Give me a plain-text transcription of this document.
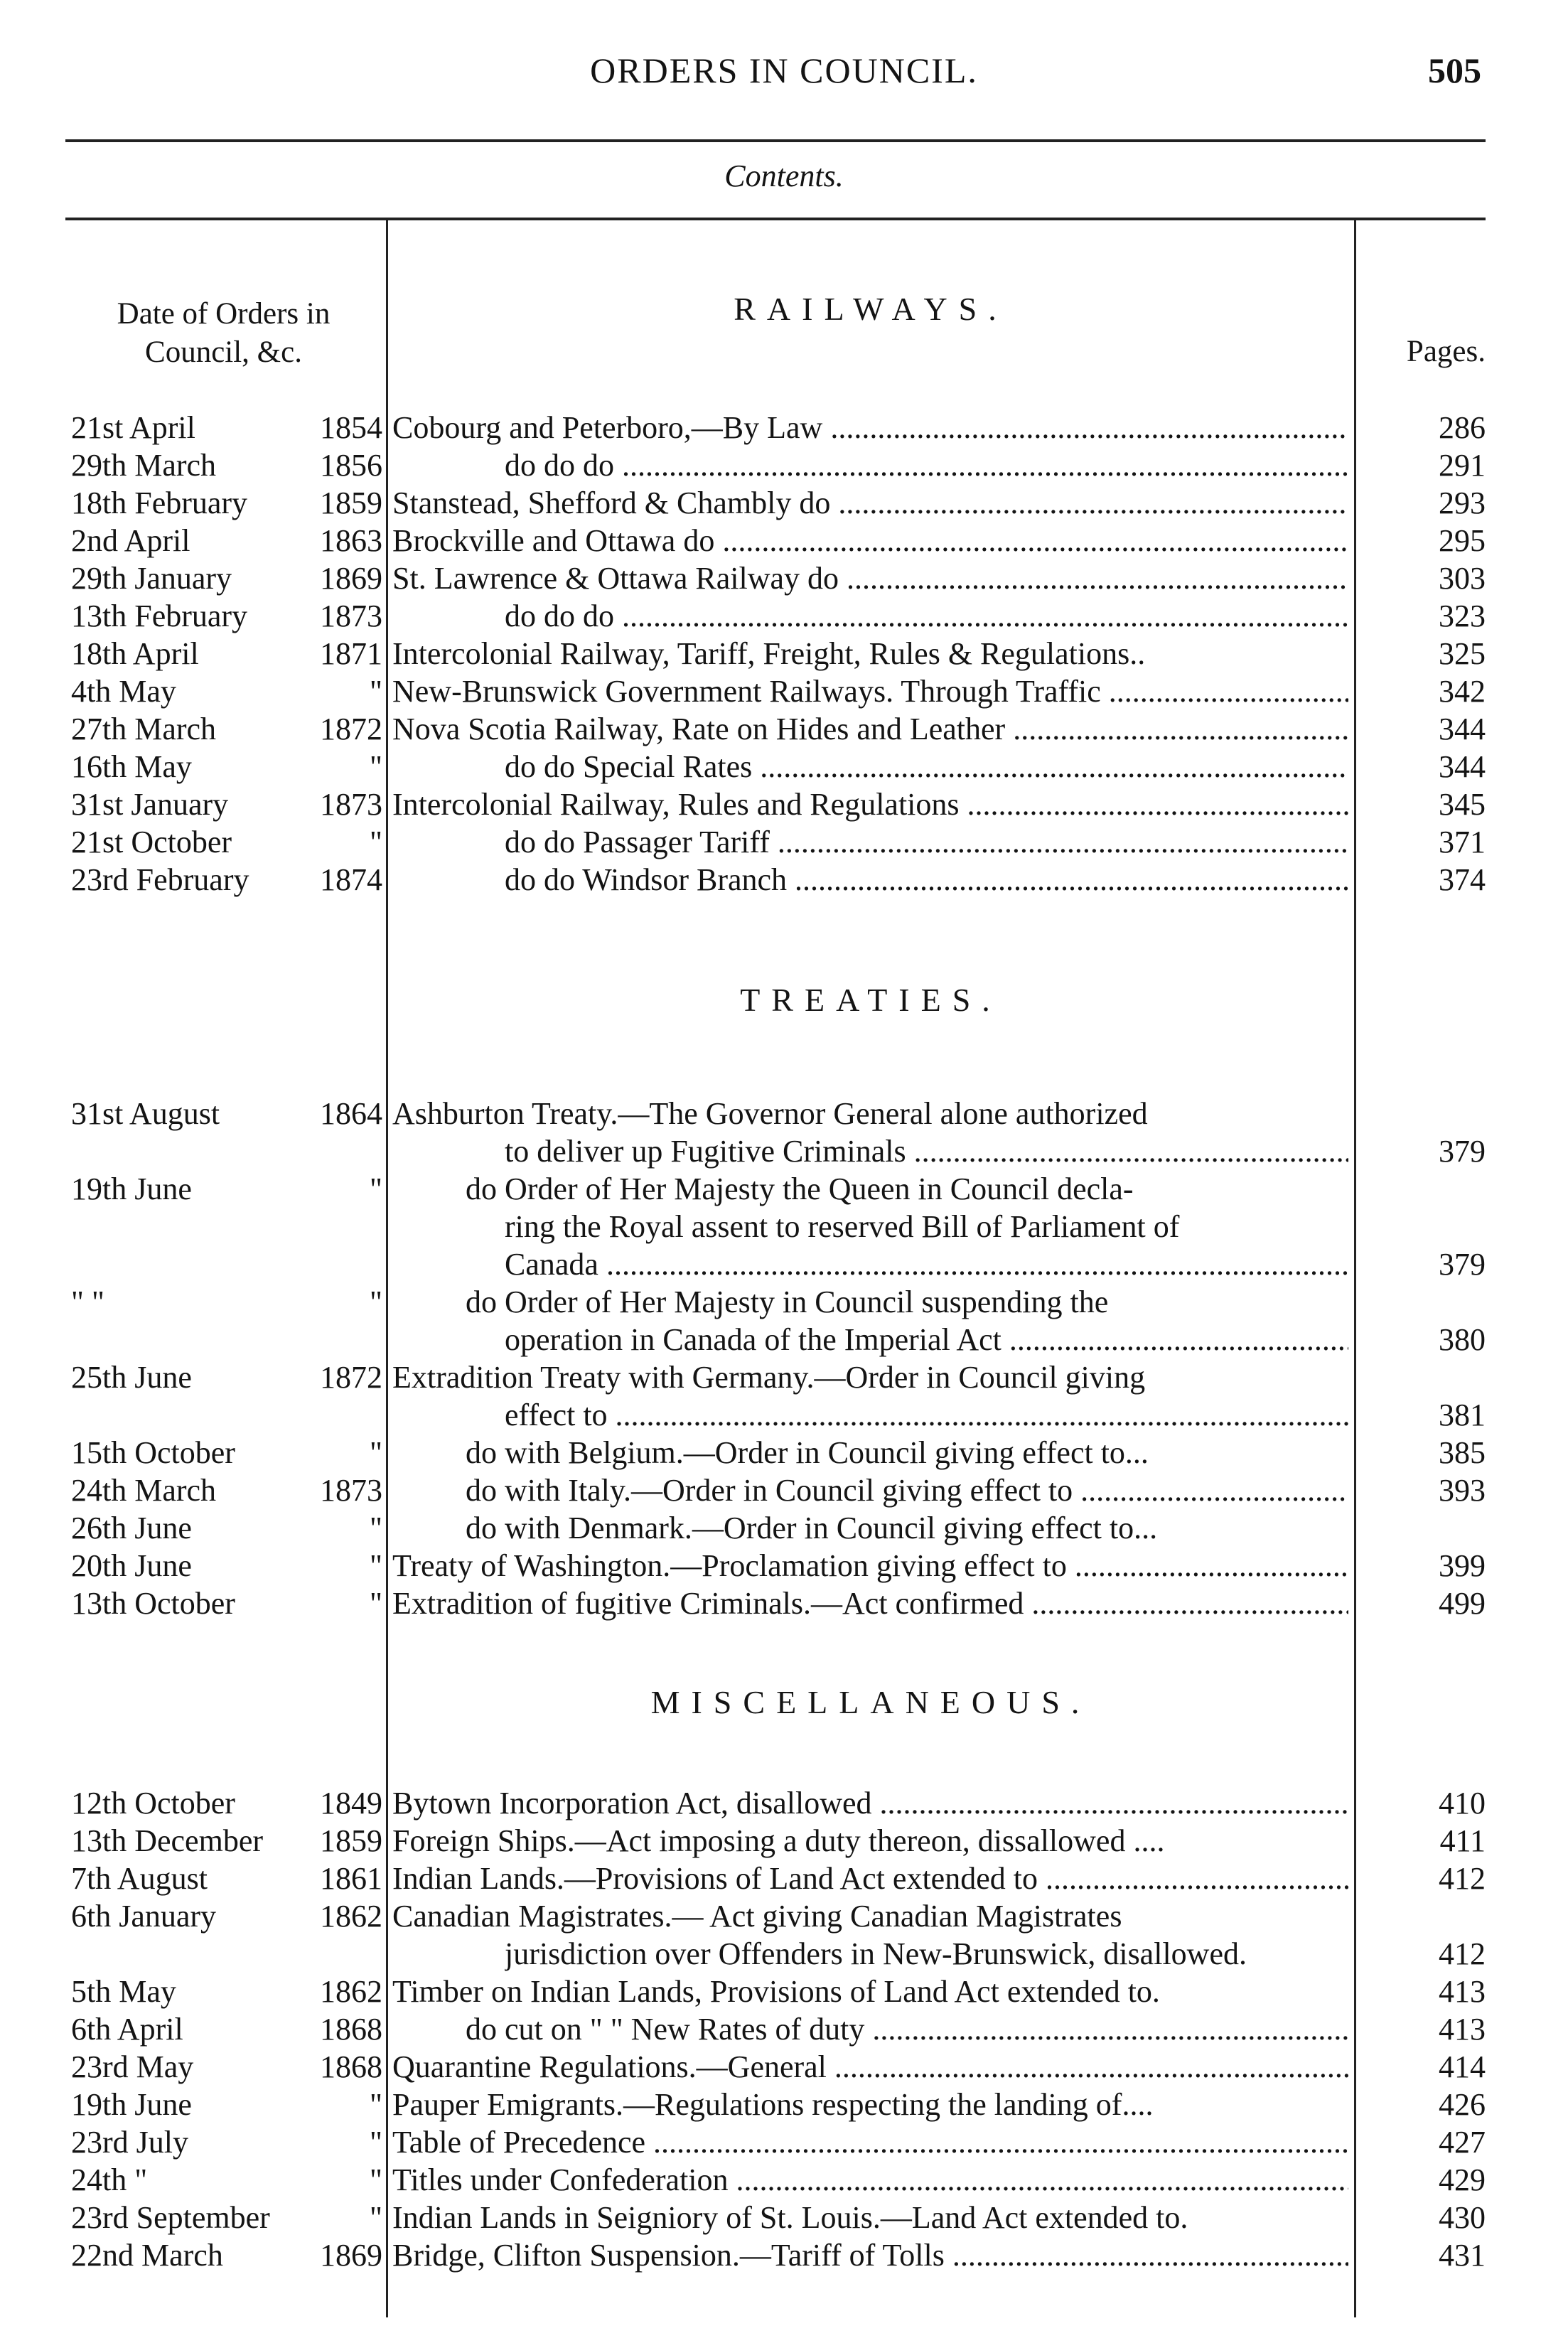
ORDERS IN COUNCIL.	505
Contents.
Date of Orders in
Council, &c.	Pages.
RAILWAYS.
21st April	1854 Cobourg and Peterboro,—By Law .....	286
29th March	1856	do do do .....	291
18th February	1859 Stanstead, Shefford & Chambly do .....	293
2nd April	1863 Brockville and Ottawa do .....	295
29th January	1869 St. Lawrence & Ottawa Railway do .....	303
13th February	1873	do do do .....	323
18th April	1871 Intercolonial Railway, Tariff, Freight, Rules & Regulations..	325
4th May	" New-Brunswick Government Railways. Through Traffic .....	342
27th March	1872 Nova Scotia Railway, Rate on Hides and Leather .....	344
16th May	"	do do Special Rates .....	344
31st January	1873 Intercolonial Railway, Rules and Regulations .....	345
21st October	"	do do Passager Tariff .....	371
23rd February	1874	do do Windsor Branch .....	374
TREATIES.
31st August	1864 Ashburton Treaty.—The Governor General alone authorized
to deliver up Fugitive Criminals .....	379
19th June	"	do Order of Her Majesty the Queen in Council decla-
ring the Royal assent to reserved Bill of Parliament of
Canada .....	379
" "	"	do Order of Her Majesty in Council suspending the
operation in Canada of the Imperial Act .....	380
25th June	1872 Extradition Treaty with Germany.—Order in Council giving
effect to .....	381
15th October	"	do with Belgium.—Order in Council giving effect to...	385
24th March	1873	do with Italy.—Order in Council giving effect to .....	393
26th June	"	do with Denmark.—Order in Council giving effect to...
20th June	" Treaty of Washington.—Proclamation giving effect to .....	399
13th October	" Extradition of fugitive Criminals.—Act confirmed .....	499
MISCELLANEOUS.
12th October	1849 Bytown Incorporation Act, disallowed .....	410
13th December	1859 Foreign Ships.—Act imposing a duty thereon, dissallowed ....	411
7th August	1861 Indian Lands.—Provisions of Land Act extended to .....	412
6th January	1862 Canadian Magistrates.— Act giving Canadian Magistrates
jurisdiction over Offenders in New-Brunswick, disallowed.	412
5th May	1862 Timber on Indian Lands, Provisions of Land Act extended to.	413
6th April	1868	do cut on " " New Rates of duty .....	413
23rd May	1868 Quarantine Regulations.—General .....	414
19th June	" Pauper Emigrants.—Regulations respecting the landing of....	426
23rd July	" Table of Precedence .....	427
24th "	" Titles under Confederation .....	429
23rd September	" Indian Lands in Seigniory of St. Louis.—Land Act extended to.	430
22nd March	1869 Bridge, Clifton Suspension.—Tariff of Tolls .....	431
